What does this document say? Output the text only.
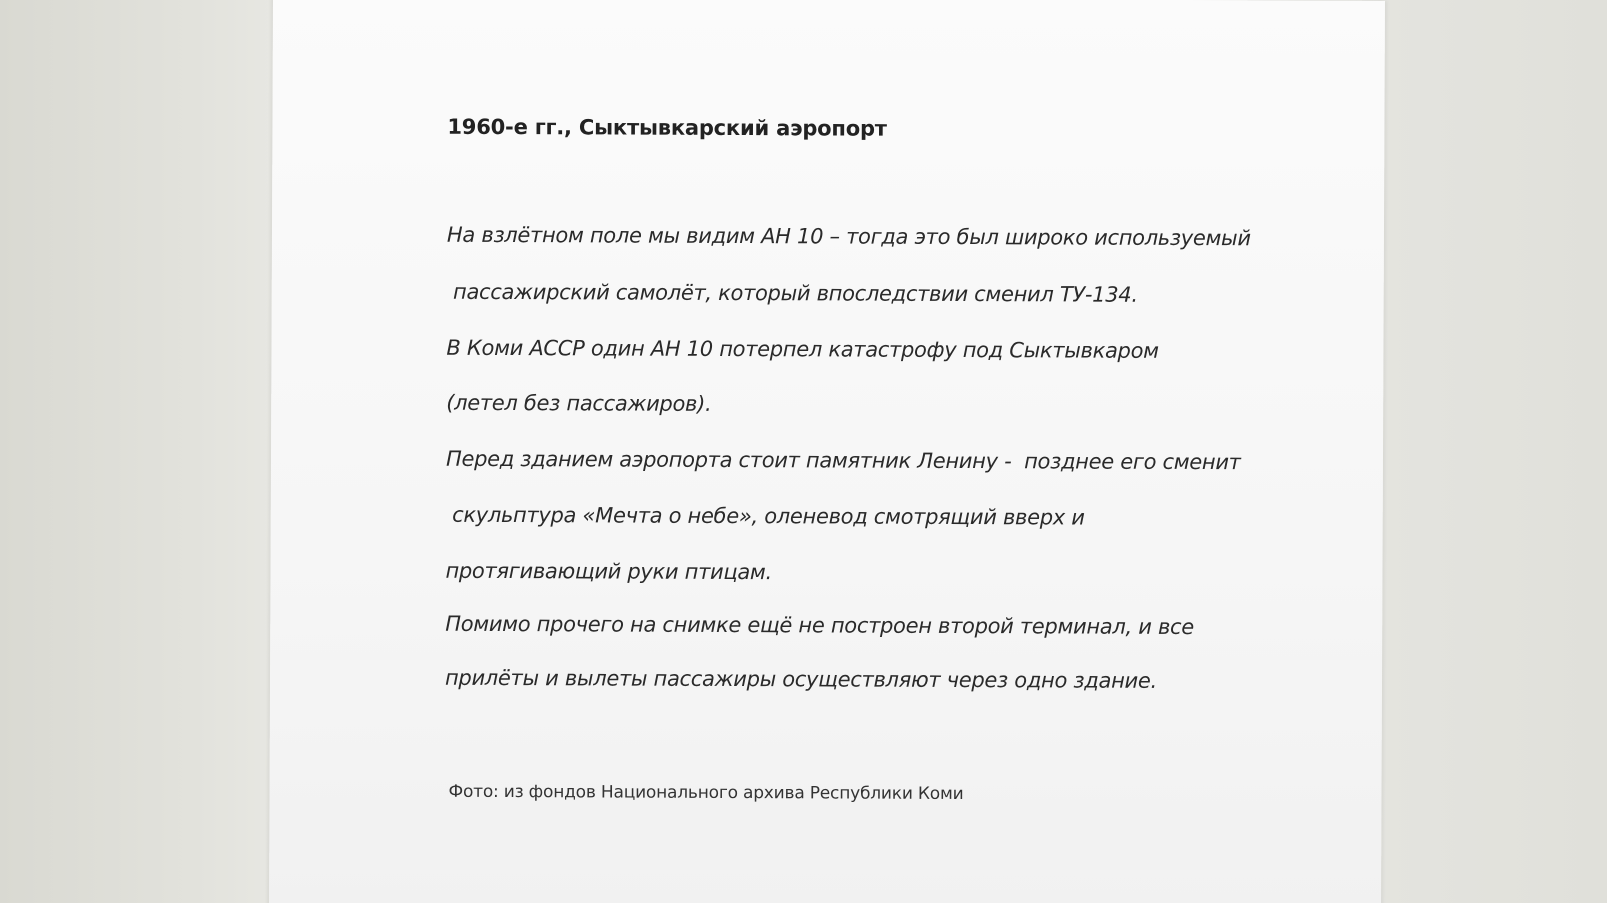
1960-е гг., Сыктывкарский аэропорт
На взлётном поле мы видим АН 10 – тогда это был широко используемый
пассажирский самолёт, который впоследствии сменил ТУ-134.
В Коми АССР один АН 10 потерпел катастрофу под Сыктывкаром
(летел без пассажиров).
Перед зданием аэропорта стоит памятник Ленину -  позднее его сменит
скульптура «Мечта о небе», оленевод смотрящий вверх и
протягивающий руки птицам.
Помимо прочего на снимке ещё не построен второй терминал, и все
прилёты и вылеты пассажиры осуществляют через одно здание.
Фото: из фондов Национального архива Республики Коми
